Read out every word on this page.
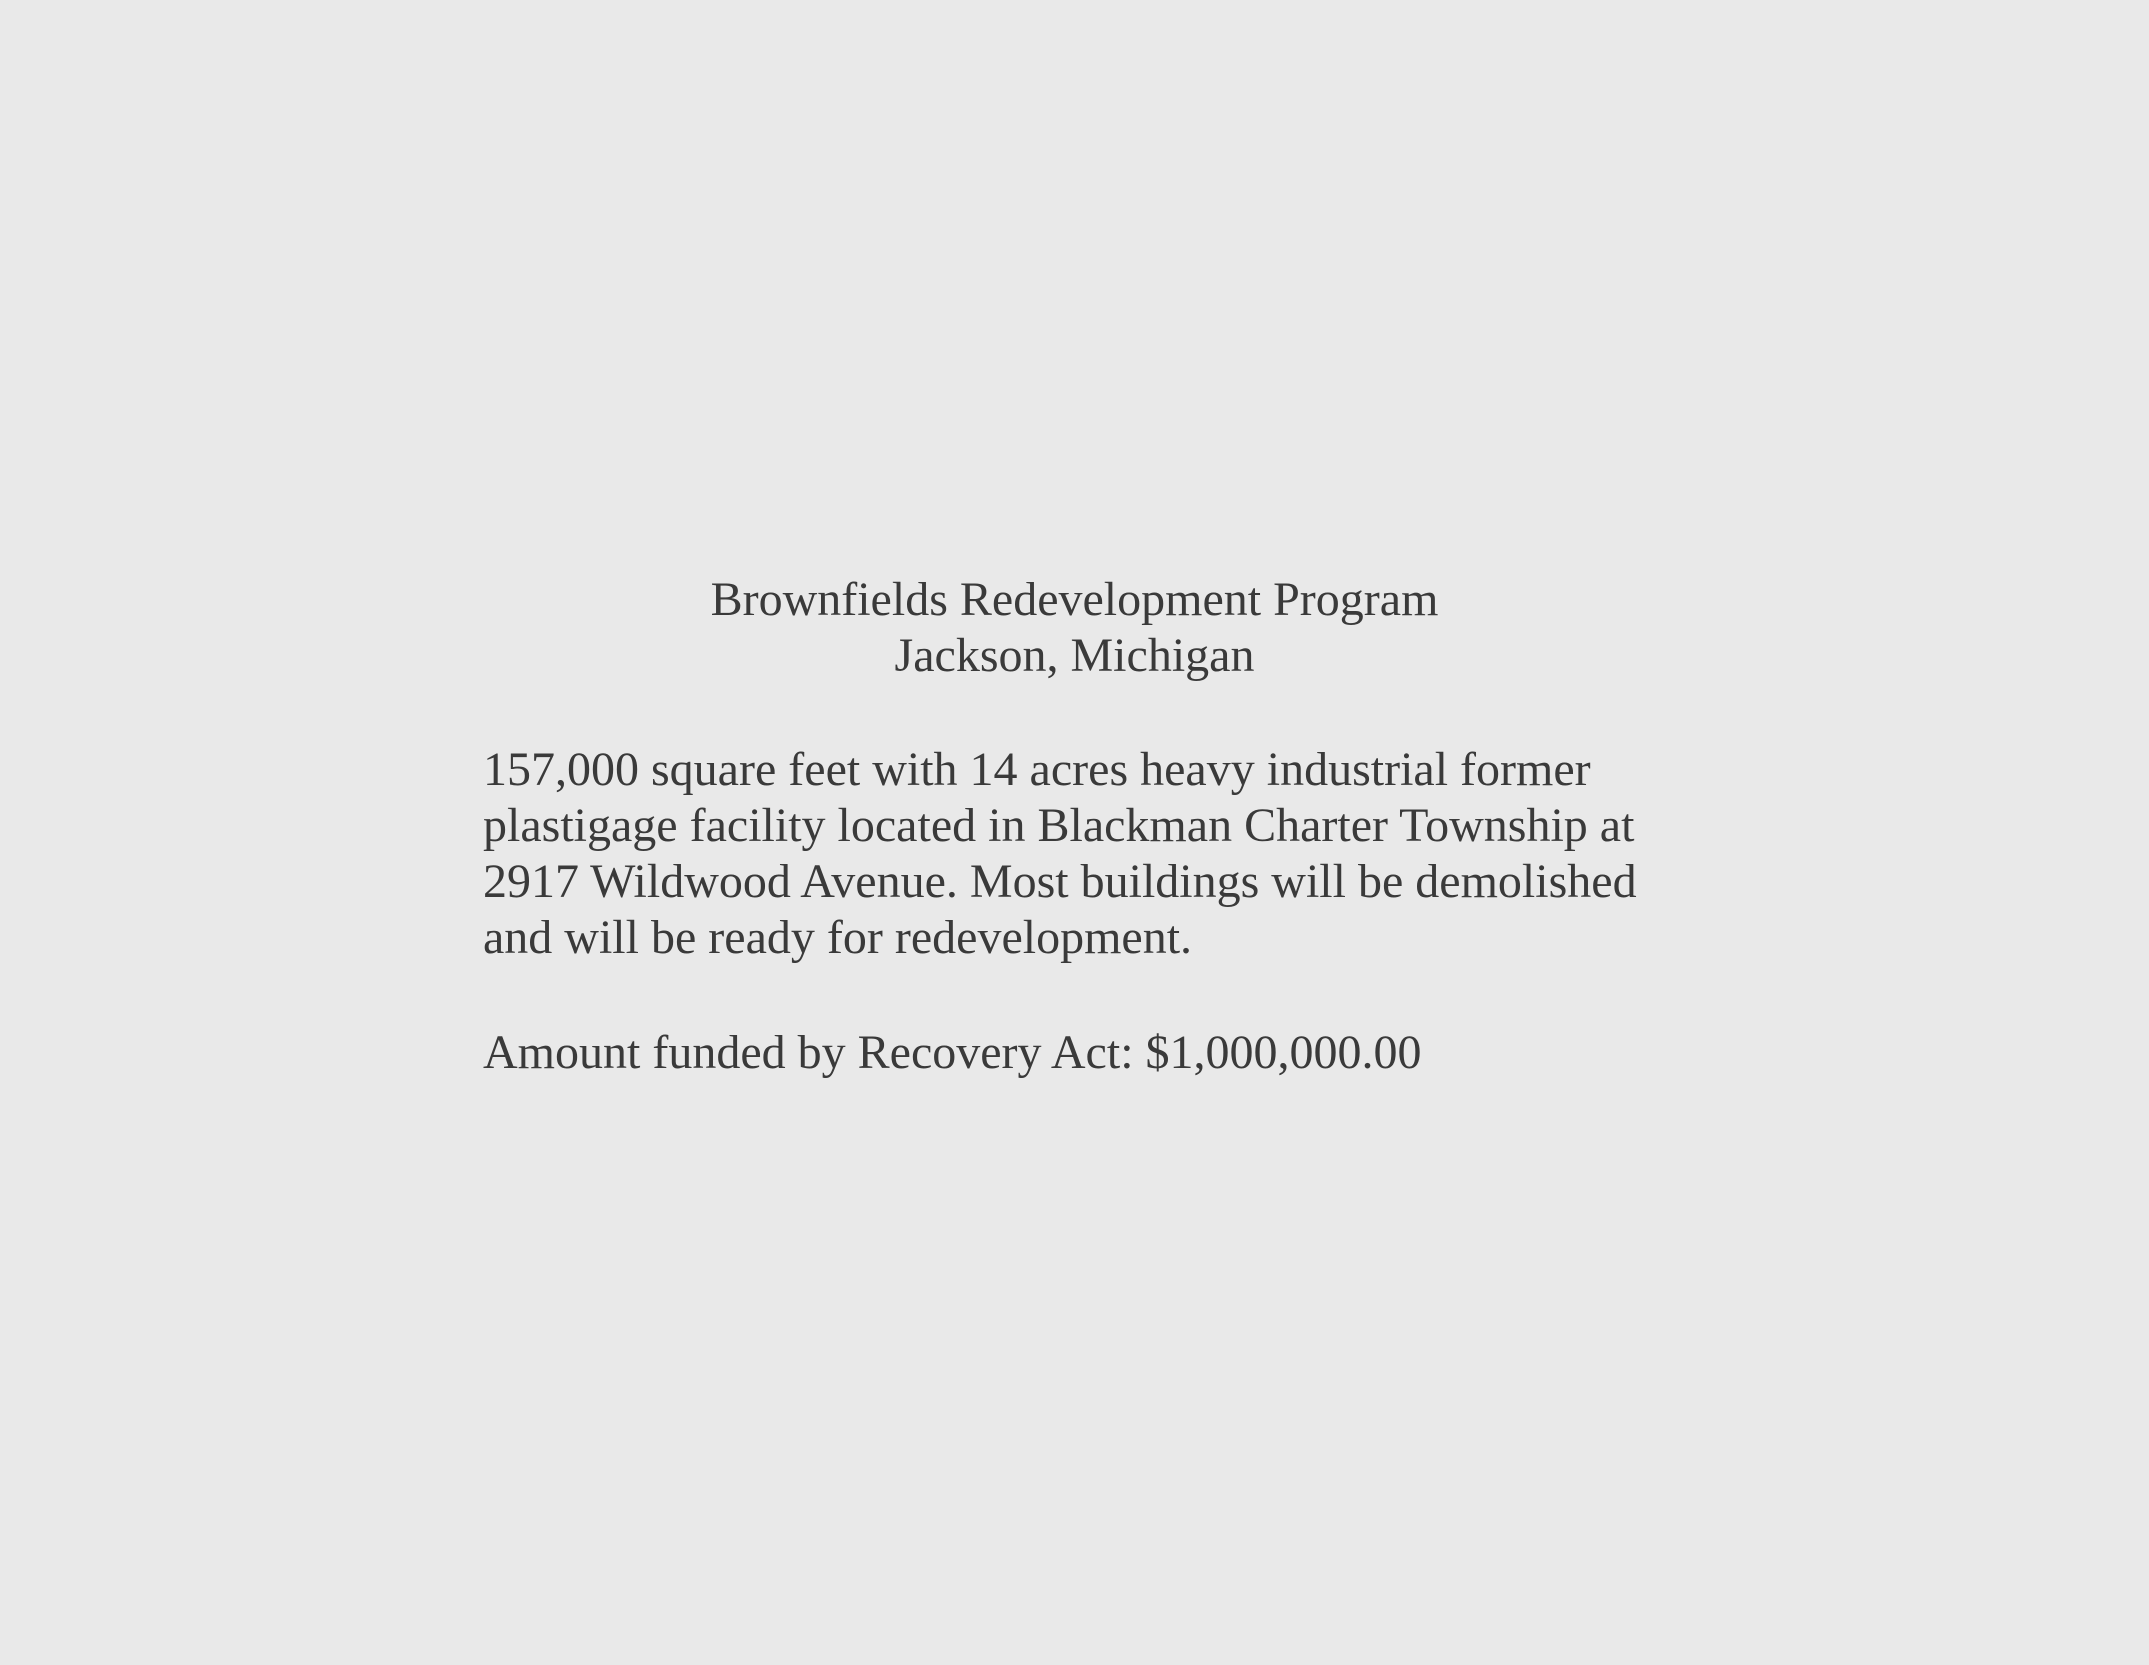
Brownfields Redevelopment Program
Jackson, Michigan

157,000 square feet with 14 acres heavy industrial former
plastigage facility located in Blackman Charter Township at
2917 Wildwood Avenue. Most buildings will be demolished
and will be ready for redevelopment.

Amount funded by Recovery Act: $1,000,000.00
